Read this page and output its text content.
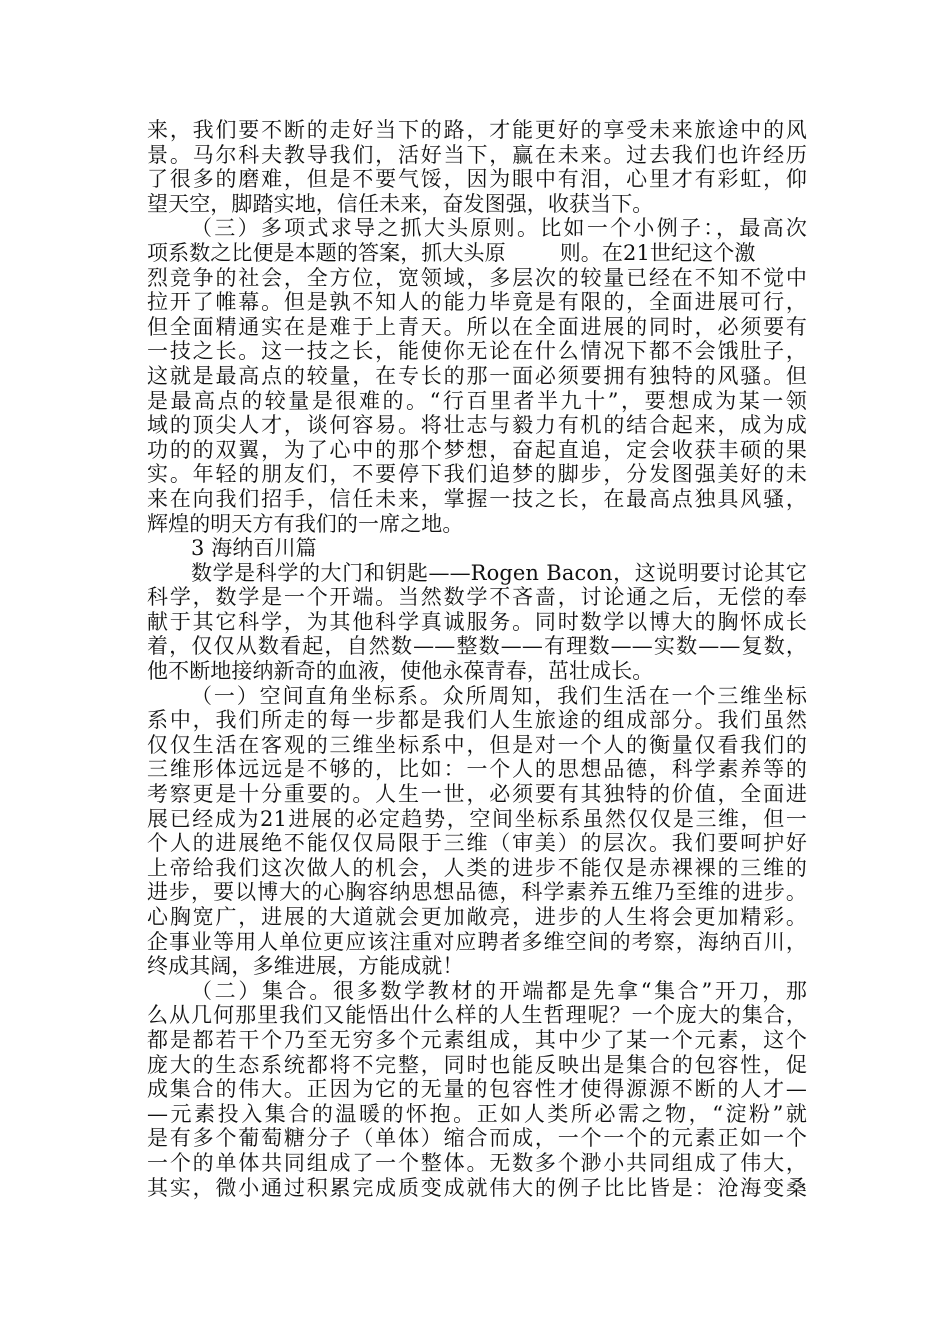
来，我们要不断的走好当下的路，才能更好的享受未来旅途中的风
景。马尔科夫教导我们，活好当下，赢在未来。过去我们也许经历
了很多的磨难，但是不要气馁，因为眼中有泪，心里才有彩虹，仰
望天空，脚踏实地，信任未来，奋发图强，收获当下。
（三）多项式求导之抓大头原则。比如一个小例子：，最高次
项系数之比便是本题的答案，抓大头原	则。在21世纪这个激
烈竞争的社会，全方位，宽领域，多层次的较量已经在不知不觉中
拉开了帷幕。但是孰不知人的能力毕竟是有限的，全面进展可行，
但全面精通实在是难于上青天。所以在全面进展的同时，必须要有
一技之长。这一技之长，能使你无论在什么情况下都不会饿肚子，
这就是最高点的较量，在专长的那一面必须要拥有独特的风骚。但
是最高点的较量是很难的。“行百里者半九十”，要想成为某一领
域的顶尖人才，谈何容易。将壮志与毅力有机的结合起来，成为成
功的的双翼，为了心中的那个梦想，奋起直追，定会收获丰硕的果
实。年轻的朋友们，不要停下我们追梦的脚步，分发图强美好的未
来在向我们招手，信任未来，掌握一技之长，在最高点独具风骚，
辉煌的明天方有我们的一席之地。
3 海纳百川篇
数学是科学的大门和钥匙——Rogen Bacon，这说明要讨论其它
科学，数学是一个开端。当然数学不吝啬，讨论通之后，无偿的奉
献于其它科学，为其他科学真诚服务。同时数学以博大的胸怀成长
着，仅仅从数看起，自然数——整数——有理数——实数——复数，
他不断地接纳新奇的血液，使他永葆青春，茁壮成长。
（一）空间直角坐标系。众所周知，我们生活在一个三维坐标
系中，我们所走的每一步都是我们人生旅途的组成部分。我们虽然
仅仅生活在客观的三维坐标系中，但是对一个人的衡量仅看我们的
三维形体远远是不够的，比如：一个人的思想品德，科学素养等的
考察更是十分重要的。人生一世，必须要有其独特的价值，全面进
展已经成为21进展的必定趋势，空间坐标系虽然仅仅是三维，但一
个人的进展绝不能仅仅局限于三维（审美）的层次。我们要呵护好
上帝给我们这次做人的机会，人类的进步不能仅是赤裸裸的三维的
进步，要以博大的心胸容纳思想品德，科学素养五维乃至维的进步。
心胸宽广，进展的大道就会更加敞亮，进步的人生将会更加精彩。
企事业等用人单位更应该注重对应聘者多维空间的考察，海纳百川，
终成其阔，多维进展，方能成就！
（二）集合。很多数学教材的开端都是先拿“集合”开刀，那
么从几何那里我们又能悟出什么样的人生哲理呢？一个庞大的集合，
都是都若干个乃至无穷多个元素组成，其中少了某一个元素，这个
庞大的生态系统都将不完整，同时也能反映出是集合的包容性，促
成集合的伟大。正因为它的无量的包容性才使得源源不断的人才—
—元素投入集合的温暖的怀抱。正如人类所必需之物，“淀粉”就
是有多个葡萄糖分子（单体）缩合而成，一个一个的元素正如一个
一个的单体共同组成了一个整体。无数多个渺小共同组成了伟大，
其实，微小通过积累完成质变成就伟大的例子比比皆是：沧海变桑
